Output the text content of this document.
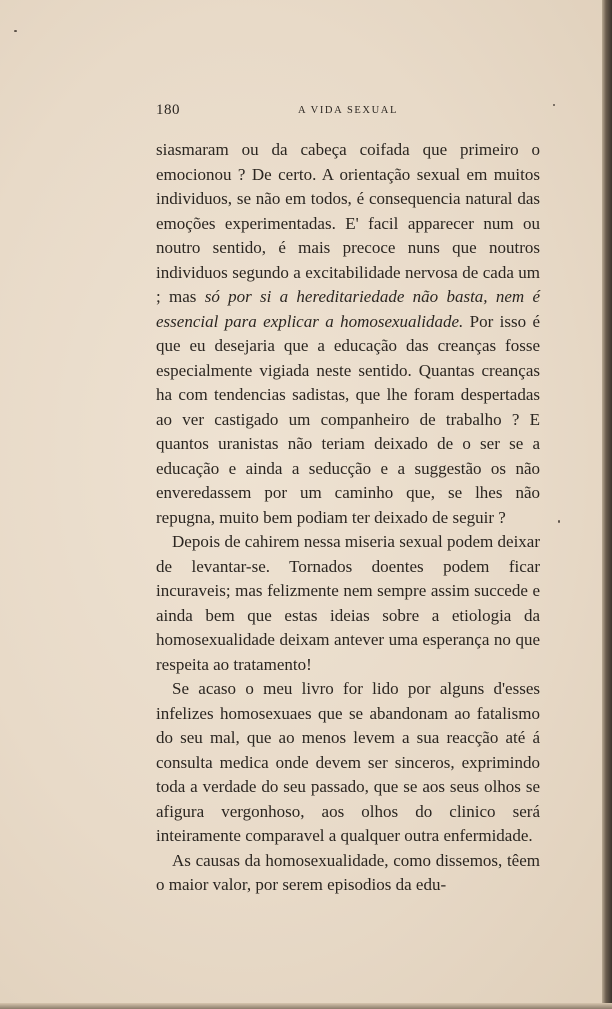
180	A VIDA SEXUAL

siasmaram ou da cabeça coifada que primeiro o emocionou ? De certo. A orientação sexual em muitos individuos, se não em todos, é consequencia natural das emoções experimentadas. E' facil apparecer num ou noutro sentido, é mais precoce nuns que noutros individuos segundo a excitabilidade nervosa de cada um ; mas só por si a hereditariedade não basta, nem é essencial para explicar a homosexualidade. Por isso é que eu desejaria que a educação das creanças fosse especialmente vigiada neste sentido. Quantas creanças ha com tendencias sadistas, que lhe foram despertadas ao ver castigado um companheiro de trabalho ? E quantos uranistas não teriam deixado de o ser se a educação e ainda a seducção e a suggestão os não enveredassem por um caminho que, se lhes não repugna, muito bem podiam ter deixado de seguir ?

Depois de cahirem nessa miseria sexual podem deixar de levantar-se. Tornados doentes podem ficar incuraveis; mas felizmente nem sempre assim succede e ainda bem que estas ideias sobre a etiologia da homosexualidade deixam antever uma esperança no que respeita ao tratamento!

Se acaso o meu livro for lido por alguns d'esses infelizes homosexuaes que se abandonam ao fatalismo do seu mal, que ao menos levem a sua reacção até á consulta medica onde devem ser sinceros, exprimindo toda a verdade do seu passado, que se aos seus olhos se afigura vergonhoso, aos olhos do clinico será inteiramente comparavel a qualquer outra enfermidade.

As causas da homosexualidade, como dissemos, têem o maior valor, por serem episodios da edu-
